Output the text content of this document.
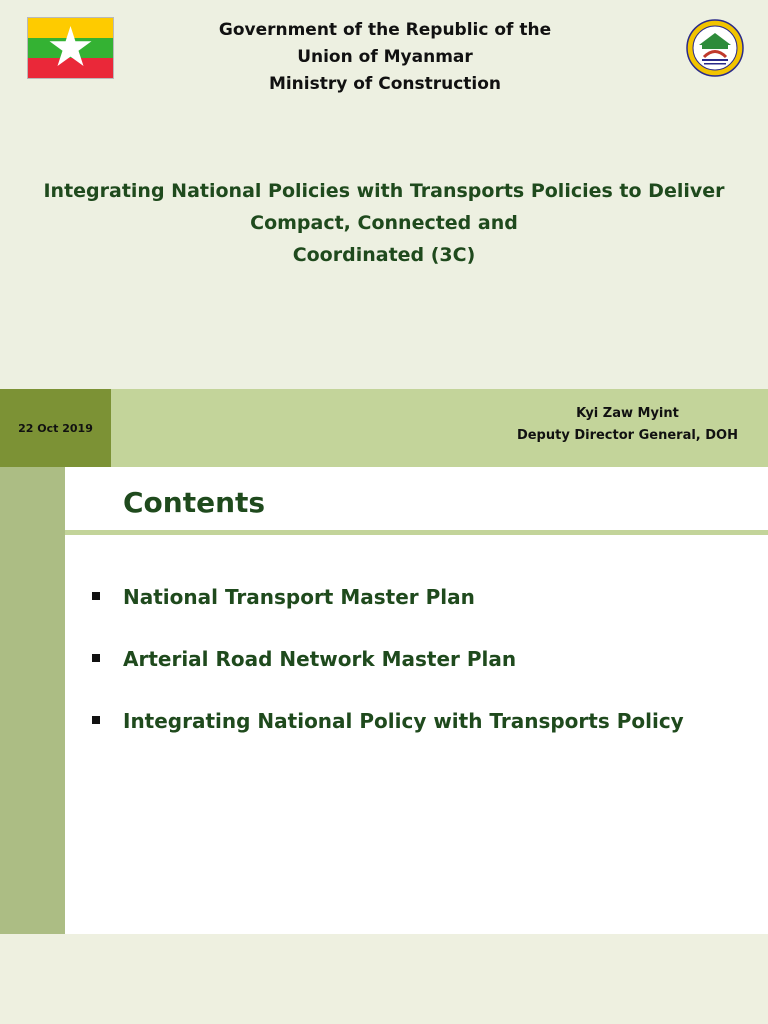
Government of the Republic of the
Union of Myanmar
Ministry of Construction
Integrating National Policies with Transports Policies to Deliver
Compact, Connected and
Coordinated (3C)
22 Oct 2019
Kyi Zaw Myint
Deputy Director General, DOH
Contents
National Transport Master Plan
Arterial Road Network Master Plan
Integrating National Policy with Transports Policy
